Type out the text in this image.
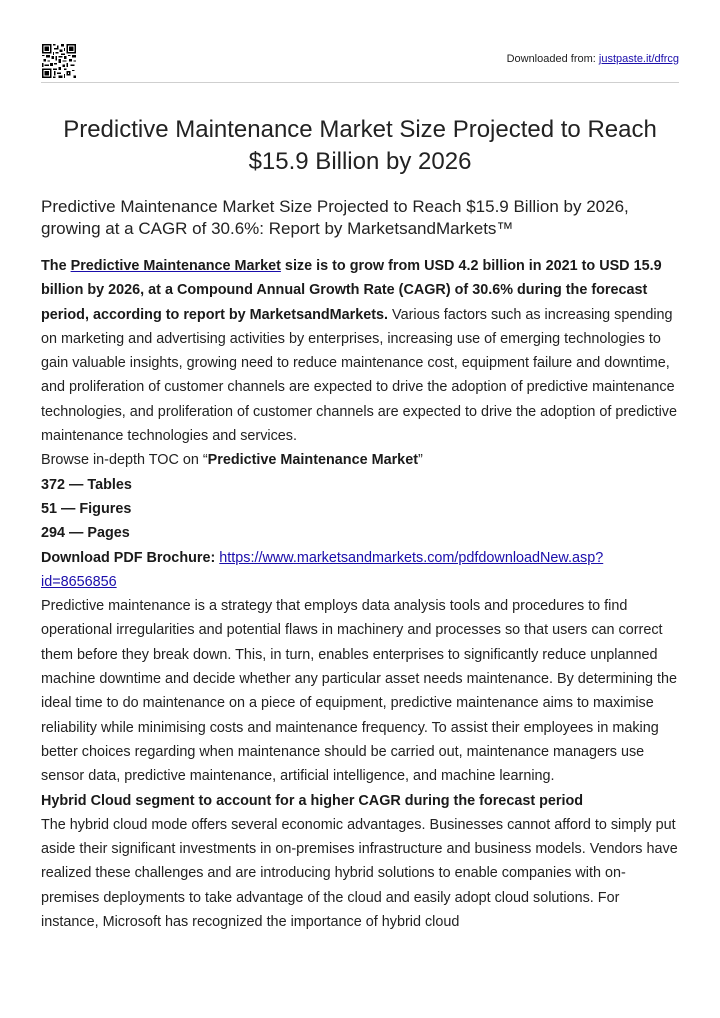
Downloaded from: justpaste.it/dfrcg
Predictive Maintenance Market Size Projected to Reach $15.9 Billion by 2026
Predictive Maintenance Market Size Projected to Reach $15.9 Billion by 2026, growing at a CAGR of 30.6%: Report by MarketsandMarkets™

The Predictive Maintenance Market size is to grow from USD 4.2 billion in 2021 to USD 15.9 billion by 2026, at a Compound Annual Growth Rate (CAGR) of 30.6% during the forecast period, according to report by MarketsandMarkets. Various factors such as increasing spending on marketing and advertising activities by enterprises, increasing use of emerging technologies to gain valuable insights, growing need to reduce maintenance cost, equipment failure and downtime, and proliferation of customer channels are expected to drive the adoption of predictive maintenance technologies, and proliferation of customer channels are expected to drive the adoption of predictive maintenance technologies and services.

Browse in-depth TOC on “Predictive Maintenance Market”

372 — Tables

51 — Figures

294 — Pages

Download PDF Brochure: https://www.marketsandmarkets.com/pdfdownloadNew.asp?
id=8656856

Predictive maintenance is a strategy that employs data analysis tools and procedures to find operational irregularities and potential flaws in machinery and processes so that users can correct them before they break down. This, in turn, enables enterprises to significantly reduce unplanned machine downtime and decide whether any particular asset needs maintenance. By determining the ideal time to do maintenance on a piece of equipment, predictive maintenance aims to maximise reliability while minimising costs and maintenance frequency. To assist their employees in making better choices regarding when maintenance should be carried out, maintenance managers use sensor data, predictive maintenance, artificial intelligence, and machine learning.

Hybrid Cloud segment to account for a higher CAGR during the forecast period

The hybrid cloud mode offers several economic advantages. Businesses cannot afford to simply put aside their significant investments in on-premises infrastructure and business models. Vendors have realized these challenges and are introducing hybrid solutions to enable companies with on-premises deployments to take advantage of the cloud and easily adopt cloud solutions. For instance, Microsoft has recognized the importance of hybrid cloud
